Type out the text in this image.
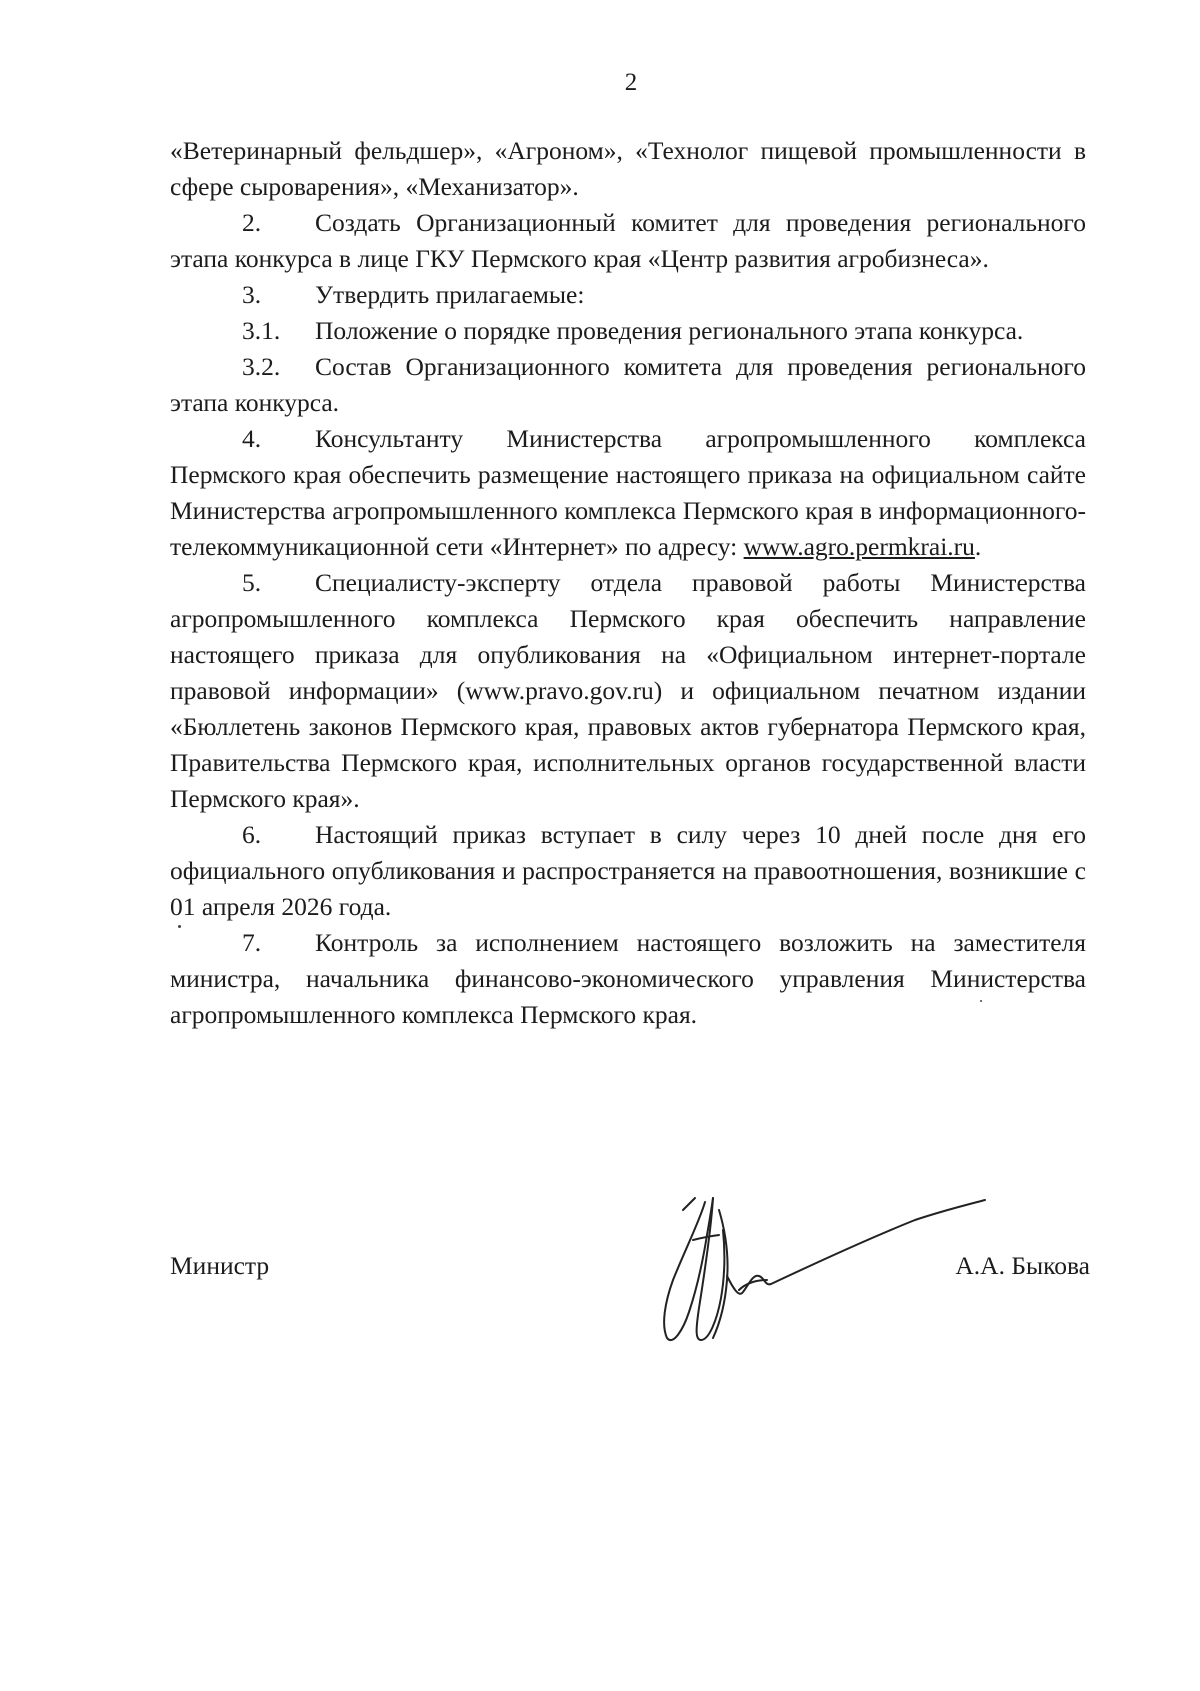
2

«Ветеринарный фельдшер», «Агроном», «Технолог пищевой промышленности в сфере сыроварения», «Механизатор».

2. Создать Организационный комитет для проведения регионального этапа конкурса в лице ГКУ Пермского края «Центр развития агробизнеса».

3. Утвердить прилагаемые:

3.1. Положение о порядке проведения регионального этапа конкурса.

3.2. Состав Организационного комитета для проведения регионального этапа конкурса.

4. Консультанту Министерства агропромышленного комплекса Пермского края обеспечить размещение настоящего приказа на официальном сайте Министерства агропромышленного комплекса Пермского края в информационного-телекоммуникационной сети «Интернет» по адресу: www.agro.permkrai.ru.

5. Специалисту-эксперту отдела правовой работы Министерства агропромышленного комплекса Пермского края обеспечить направление настоящего приказа для опубликования на «Официальном интернет-портале правовой информации» (www.pravo.gov.ru) и официальном печатном издании «Бюллетень законов Пермского края, правовых актов губернатора Пермского края, Правительства Пермского края, исполнительных органов государственной власти Пермского края».

6. Настоящий приказ вступает в силу через 10 дней после дня его официального опубликования и распространяется на правоотношения, возникшие с 01 апреля 2026 года.

7. Контроль за исполнением настоящего возложить на заместителя министра, начальника финансово-экономического управления Министерства агропромышленного комплекса Пермского края.

Министр	А.А. Быкова
